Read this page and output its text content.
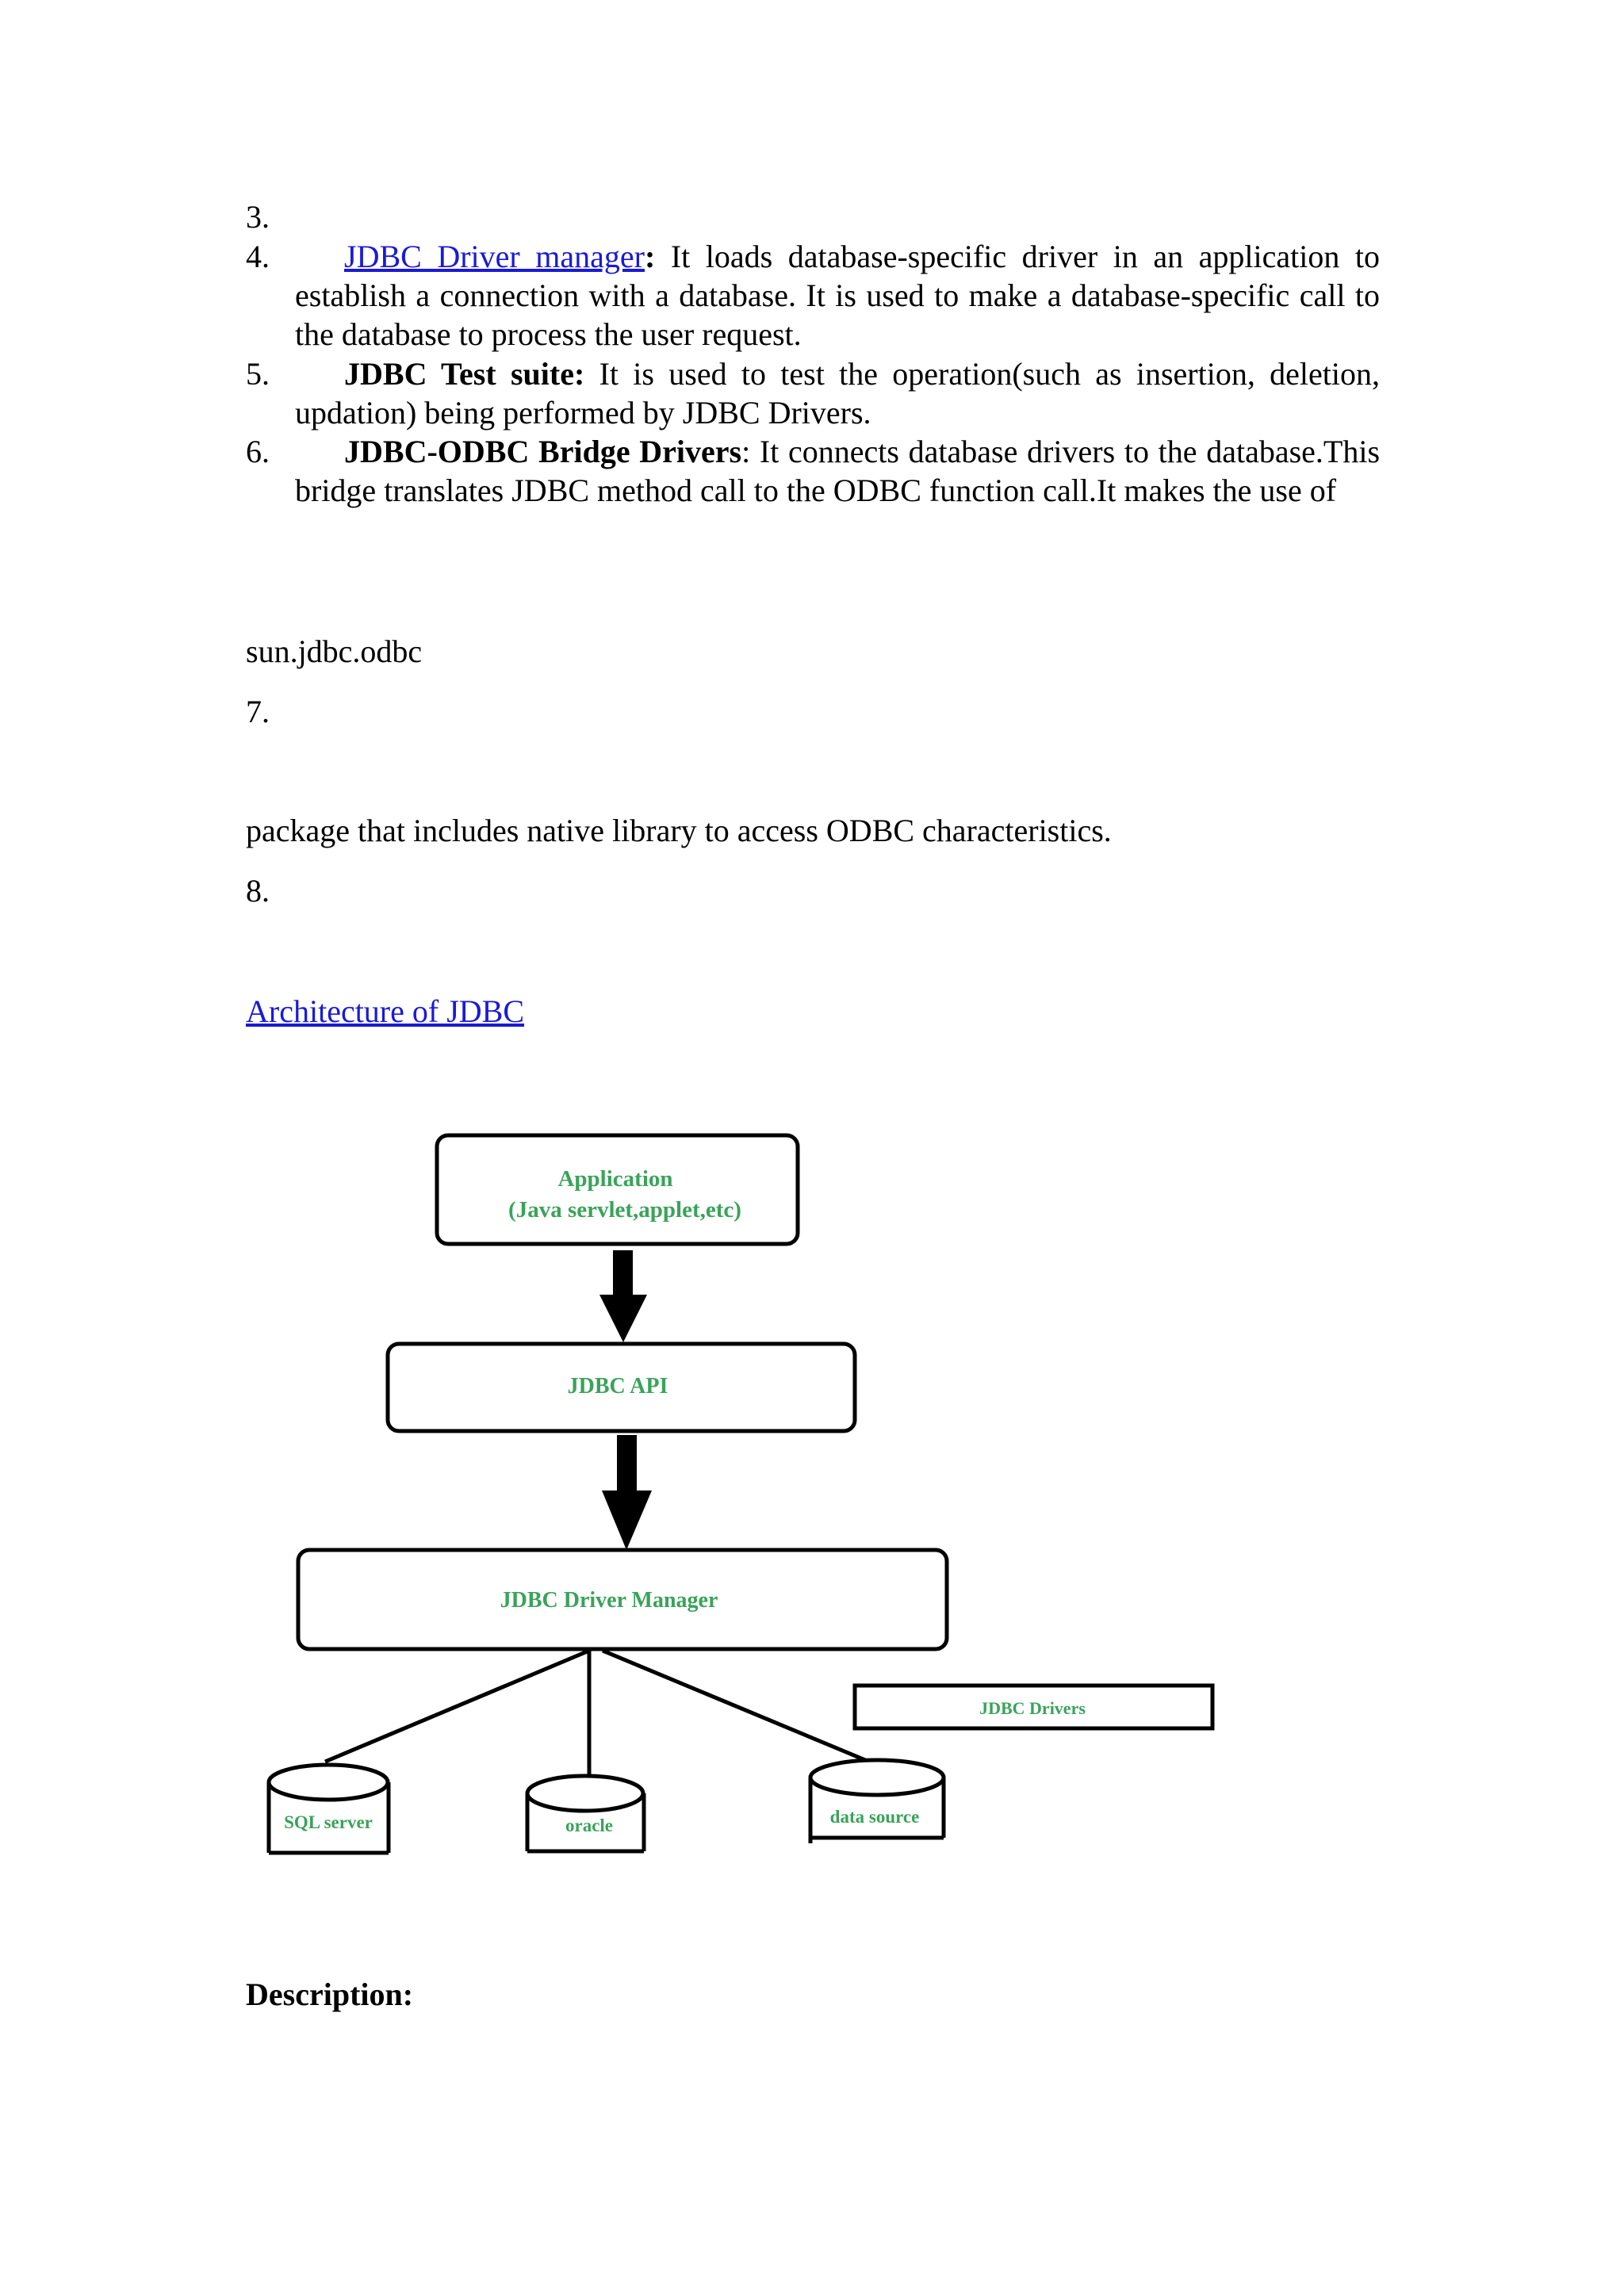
3.
4.	JDBC Driver manager: It loads database-specific driver in an application to establish a connection with a database. It is used to make a database-specific call to the database to process the user request.
5.	JDBC Test suite: It is used to test the operation(such as insertion, deletion, updation) being performed by JDBC Drivers.
6.	JDBC-ODBC Bridge Drivers: It connects database drivers to the database.This bridge translates JDBC method call to the ODBC function call.It makes the use of
sun.jdbc.odbc
7.
package that includes native library to access ODBC characteristics.
8.
Architecture of JDBC
Application
(Java servlet,applet,etc)
JDBC API
JDBC Driver Manager
JDBC Drivers
SQL server	oracle	data source
Description:
